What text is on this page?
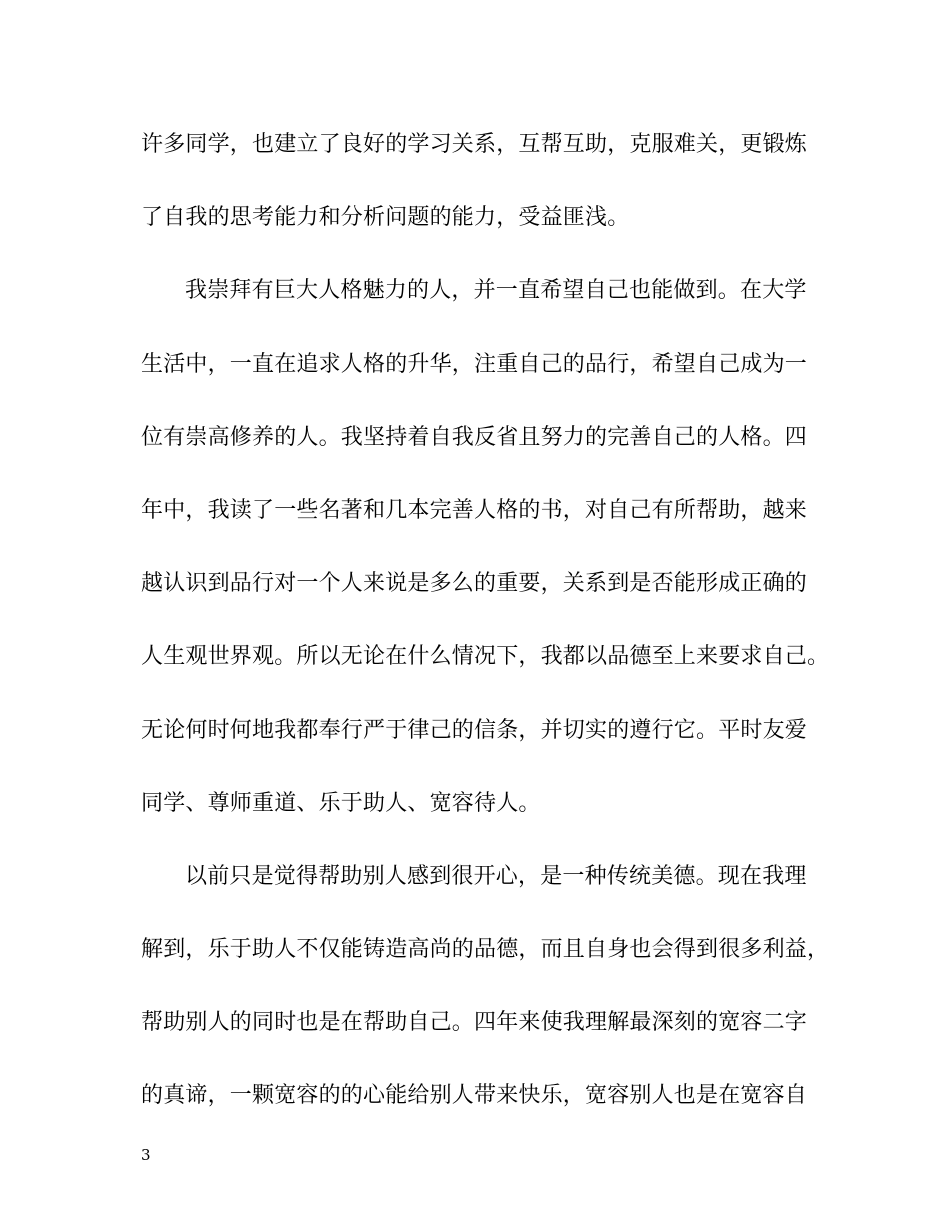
许多同学，也建立了良好的学习关系，互帮互助，克服难关，更锻炼
了自我的思考能力和分析问题的能力，受益匪浅。
我崇拜有巨大人格魅力的人，并一直希望自己也能做到。在大学
生活中，一直在追求人格的升华，注重自己的品行，希望自己成为一
位有崇高修养的人。我坚持着自我反省且努力的完善自己的人格。四
年中，我读了一些名著和几本完善人格的书，对自己有所帮助，越来
越认识到品行对一个人来说是多么的重要，关系到是否能形成正确的
人生观世界观。所以无论在什么情况下，我都以品德至上来要求自己。
无论何时何地我都奉行严于律己的信条，并切实的遵行它。平时友爱
同学、尊师重道、乐于助人、宽容待人。
以前只是觉得帮助别人感到很开心，是一种传统美德。现在我理
解到，乐于助人不仅能铸造高尚的品德，而且自身也会得到很多利益，
帮助别人的同时也是在帮助自己。四年来使我理解最深刻的宽容二字
的真谛，一颗宽容的的心能给别人带来快乐，宽容别人也是在宽容自
3
